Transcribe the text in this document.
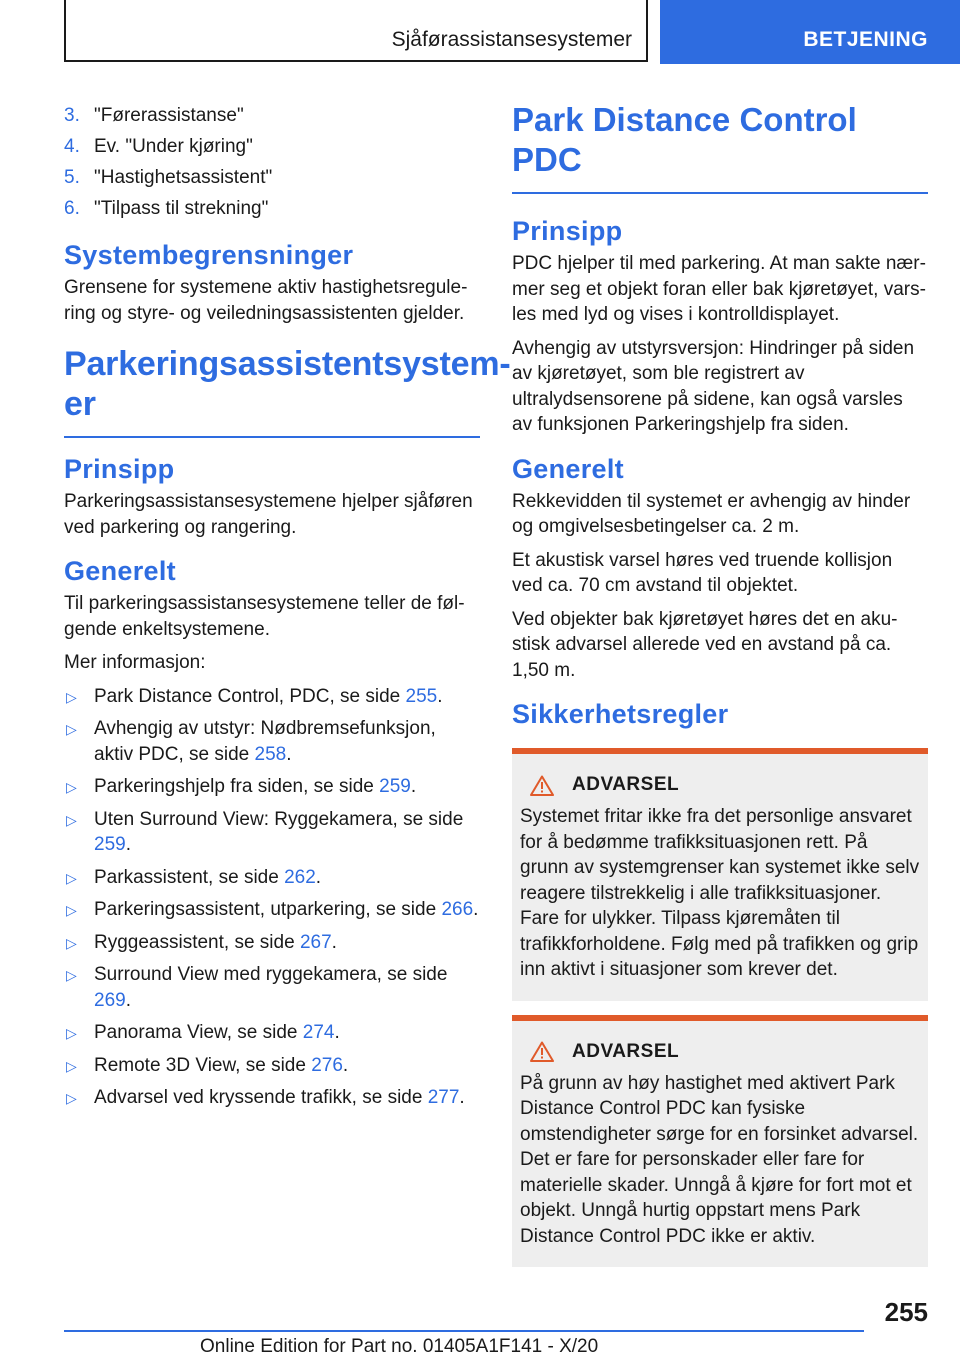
Sjåførassistansesystemer	BETJENING
3. "Førerassistanse"
4. Ev. "Under kjøring"
5. "Hastighetsassistent"
6. "Tilpass til strekning"
Systembegrensninger

Grensene for systemene aktiv hastighetsregulering og styre- og veiledningsassistenten gjelder.

Parkeringsassistentsystemer
Prinsipp

Parkeringsassistansesystemene hjelper sjåføren ved parkering og rangering.

Generelt

Til parkeringsassistansesystemene teller de følgende enkeltsystemene.

Mer informasjon:

▷ Park Distance Control, PDC, se side 255.
▷ Avhengig av utstyr: Nødbremsefunksjon, aktiv PDC, se side 258.
▷ Parkeringshjelp fra siden, se side 259.
▷ Uten Surround View: Ryggekamera, se side 259.
▷ Parkassistent, se side 262.
▷ Parkeringsassistent, utparkering, se side 266.
▷ Ryggeassistent, se side 267.
▷ Surround View med ryggekamera, se side 269.
▷ Panorama View, se side 274.
▷ Remote 3D View, se side 276.
▷ Advarsel ved kryssende trafikk, se side 277.
Park Distance Control PDC
Prinsipp

PDC hjelper til med parkering. At man sakte nærmer seg et objekt foran eller bak kjøretøyet, varsles med lyd og vises i kontrolldisplayet.

Avhengig av utstyrsversjon: Hindringer på siden av kjøretøyet, som ble registrert av ultralydsensorene på sidene, kan også varsles av funksjonen Parkeringshjelp fra siden.

Generelt

Rekkevidden til systemet er avhengig av hinder og omgivelsesbetingelser ca. 2 m.

Et akustisk varsel høres ved truende kollisjon ved ca. 70 cm avstand til objektet.

Ved objekter bak kjøretøyet høres det en akustisk advarsel allerede ved en avstand på ca. 1,50 m.

Sikkerhetsregler
ADVARSEL

Systemet fritar ikke fra det personlige ansvaret for å bedømme trafikksituasjonen rett. På grunn av systemgrenser kan systemet ikke selv reagere tilstrekkelig i alle trafikksituasjoner. Fare for ulykker. Tilpass kjøremåten til trafikkforholdene. Følg med på trafikken og grip inn aktivt i situasjoner som krever det.

ADVARSEL

På grunn av høy hastighet med aktivert Park Distance Control PDC kan fysiske omstendigheter sørge for en forsinket advarsel. Det er fare for personskader eller fare for materielle skader. Unngå å kjøre for fort mot et objekt. Unngå hurtig oppstart mens Park Distance Control PDC ikke er aktiv.

255
Online Edition for Part no. 01405A1F141 - X/20
